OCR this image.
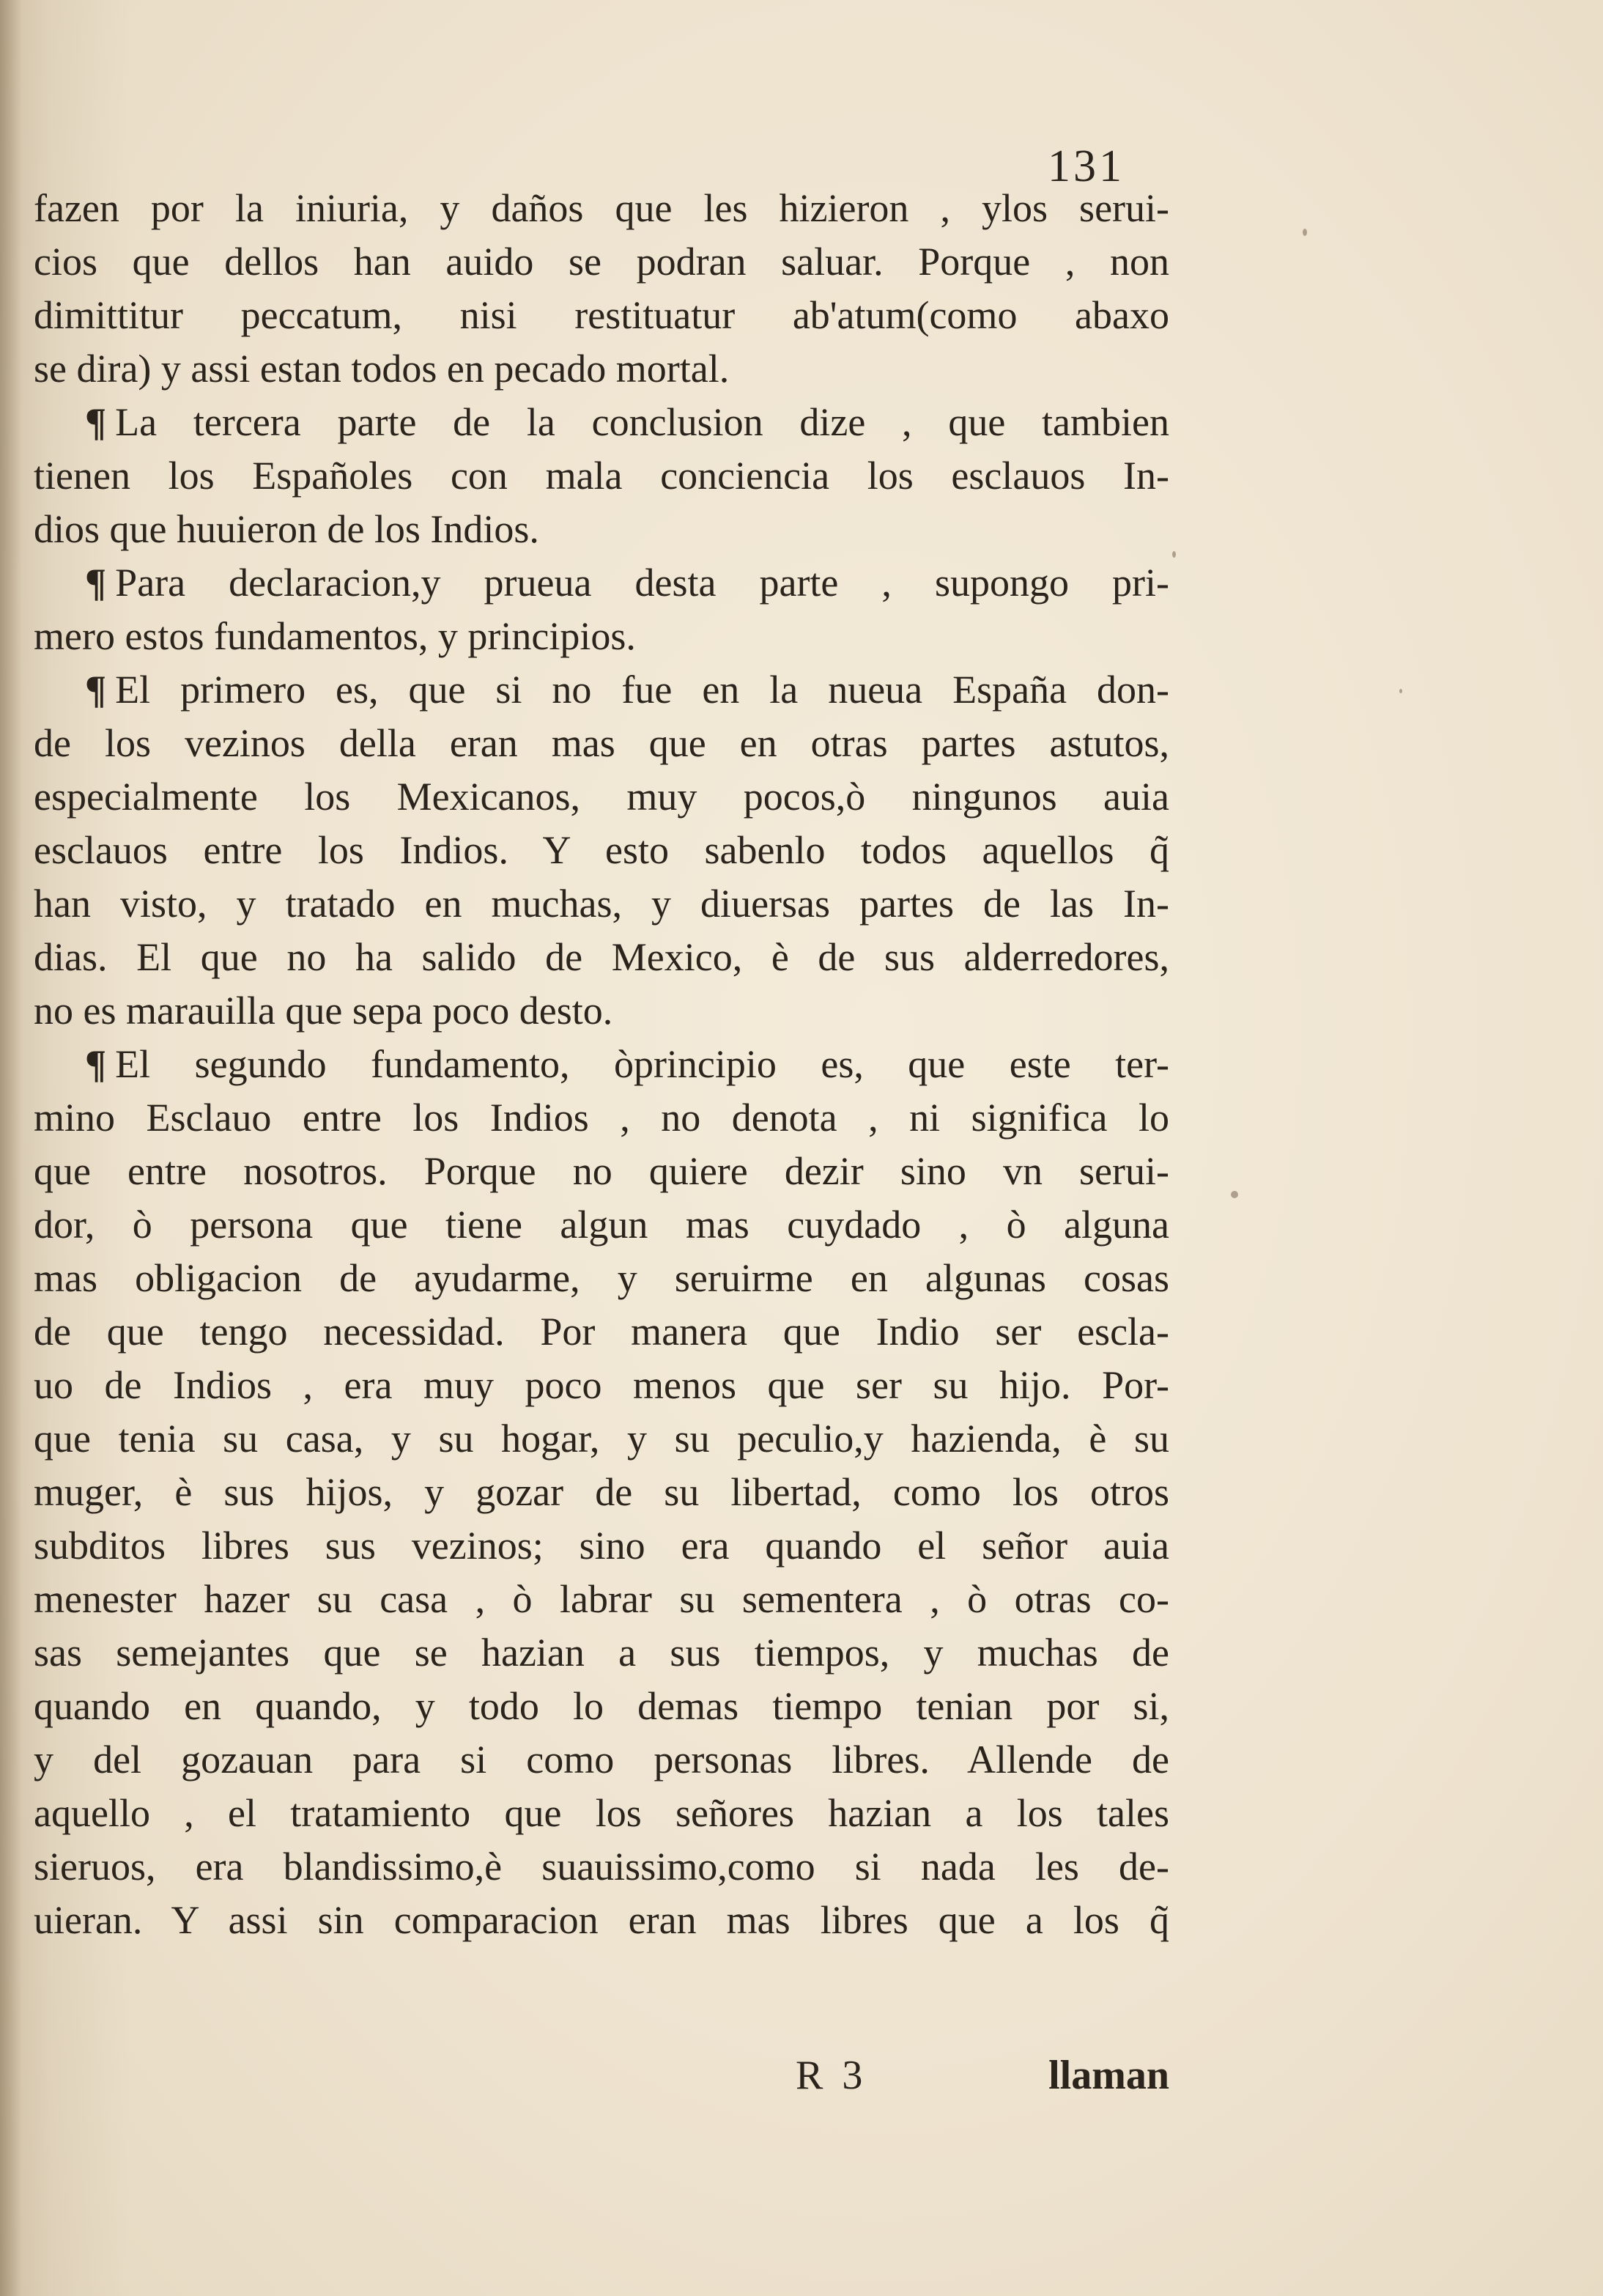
131
fazen por la iniuria, y daños que les hizieron , ylos serui-
cios que dellos han auido se podran saluar. Porque , non
dimittitur peccatum, nisi restituatur ab'atum(como abaxo
se dira) y assi estan todos en pecado mortal.
¶ La tercera parte de la conclusion dize , que tambien
tienen los Españoles con mala conciencia los esclauos In-
dios que huuieron de los Indios.
¶ Para declaracion,y prueua desta parte , supongo pri-
mero estos fundamentos, y principios.
¶ El primero es, que si no fue en la nueua España don-
de los vezinos della eran mas que en otras partes astutos,
especialmente los Mexicanos, muy pocos,ò ningunos auia
esclauos entre los Indios. Y esto sabenlo todos aquellos q̃
han visto, y tratado en muchas, y diuersas partes de las In-
dias. El que no ha salido de Mexico, è de sus alderredores,
no es marauilla que sepa poco desto.
¶ El segundo fundamento, òprincipio es, que este ter-
mino Esclauo entre los Indios , no denota , ni significa lo
que entre nosotros. Porque no quiere dezir sino vn serui-
dor, ò persona que tiene algun mas cuydado , ò alguna
mas obligacion de ayudarme, y seruirme en algunas cosas
de que tengo necessidad. Por manera que Indio ser escla-
uo de Indios , era muy poco menos que ser su hijo. Por-
que tenia su casa, y su hogar, y su peculio,y hazienda, è su
muger, è sus hijos, y gozar de su libertad, como los otros
subditos libres sus vezinos; sino era quando el señor auia
menester hazer su casa , ò labrar su sementera , ò otras co-
sas semejantes que se hazian a sus tiempos, y muchas de
quando en quando, y todo lo demas tiempo tenian por si,
y del gozauan para si como personas libres. Allende de
aquello , el tratamiento que los señores hazian a los tales
sieruos, era blandissimo,è suauissimo,como si nada les de-
uieran. Y assi sin comparacion eran mas libres que a los q̃
R 3	llaman
